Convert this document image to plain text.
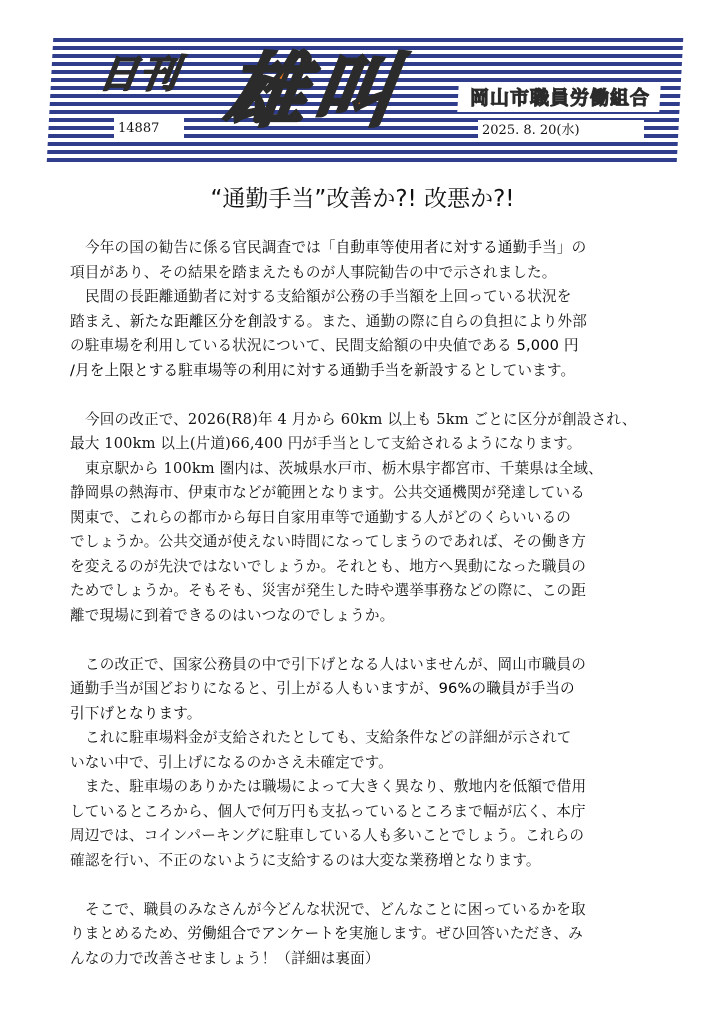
日刊 雄叫	岡山市職員労働組合
14887	2025. 8. 20(水)
“通勤手当”改善か?! 改悪か?!
今年の国の勧告に係る官民調査では「自動車等使用者に対する通勤手当」の
項目があり、その結果を踏まえたものが人事院勧告の中で示されました。
民間の長距離通勤者に対する支給額が公務の手当額を上回っている状況を
踏まえ、新たな距離区分を創設する。また、通勤の際に自らの負担により外部
の駐車場を利用している状況について、民間支給額の中央値である 5,000 円
/月を上限とする駐車場等の利用に対する通勤手当を新設するとしています。
今回の改正で、2026(R8)年 4 月から 60km 以上も 5km ごとに区分が創設され、
最大 100km 以上(片道)66,400 円が手当として支給されるようになります。
東京駅から 100km 圏内は、茨城県水戸市、栃木県宇都宮市、千葉県は全域、
静岡県の熱海市、伊東市などが範囲となります。公共交通機関が発達している
関東で、これらの都市から毎日自家用車等で通勤する人がどのくらいいるの
でしょうか。公共交通が使えない時間になってしまうのであれば、その働き方
を変えるのが先決ではないでしょうか。それとも、地方へ異動になった職員の
ためでしょうか。そもそも、災害が発生した時や選挙事務などの際に、この距
離で現場に到着できるのはいつなのでしょうか。
この改正で、国家公務員の中で引下げとなる人はいませんが、岡山市職員の
通勤手当が国どおりになると、引上がる人もいますが、96%の職員が手当の
引下げとなります。
これに駐車場料金が支給されたとしても、支給条件などの詳細が示されて
いない中で、引上げになるのかさえ未確定です。
また、駐車場のありかたは職場によって大きく異なり、敷地内を低額で借用
しているところから、個人で何万円も支払っているところまで幅が広く、本庁
周辺では、コインパーキングに駐車している人も多いことでしょう。これらの
確認を行い、不正のないように支給するのは大変な業務増となります。
そこで、職員のみなさんが今どんな状況で、どんなことに困っているかを取
りまとめるため、労働組合でアンケートを実施します。ぜひ回答いただき、み
んなの力で改善させましょう！（詳細は裏面）
